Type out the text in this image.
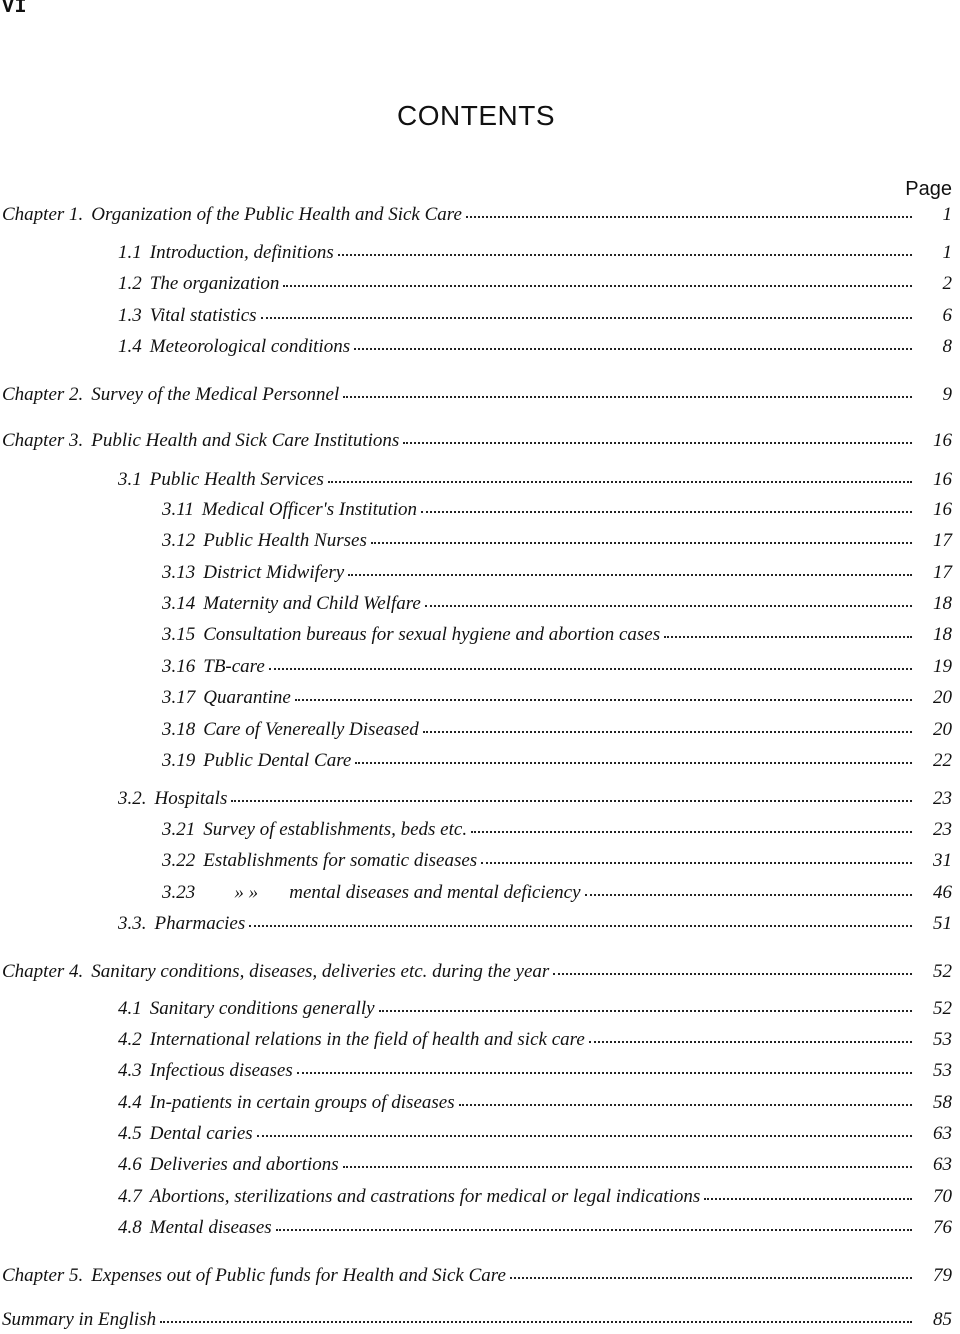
VI
CONTENTS
Page
Chapter 1. Organization of the Public Health and Sick Care	1
1.1 Introduction, definitions	1
1.2 The organization	2
1.3 Vital statistics	6
1.4 Meteorological conditions	8
Chapter 2. Survey of the Medical Personnel	9
Chapter 3. Public Health and Sick Care Institutions	16
3.1 Public Health Services	16
3.11 Medical Officer's Institution	16
3.12 Public Health Nurses	17
3.13 District Midwifery	17
3.14 Maternity and Child Welfare	18
3.15 Consultation bureaus for sexual hygiene and abortion cases	18
3.16 TB-care	19
3.17 Quarantine	20
3.18 Care of Venereally Diseased	20
3.19 Public Dental Care	22
3.2. Hospitals	23
3.21 Survey of establishments, beds etc.	23
3.22 Establishments for somatic diseases	31
3.23	» »	mental diseases and mental deficiency	46
3.3. Pharmacies	51
Chapter 4. Sanitary conditions, diseases, deliveries etc. during the year	52
4.1 Sanitary conditions generally	52
4.2 International relations in the field of health and sick care	53
4.3 Infectious diseases	53
4.4 In-patients in certain groups of diseases	58
4.5 Dental caries	63
4.6 Deliveries and abortions	63
4.7 Abortions, sterilizations and castrations for medical or legal indications	70
4.8 Mental diseases	76
Chapter 5. Expenses out of Public funds for Health and Sick Care	79
Summary in English	85
